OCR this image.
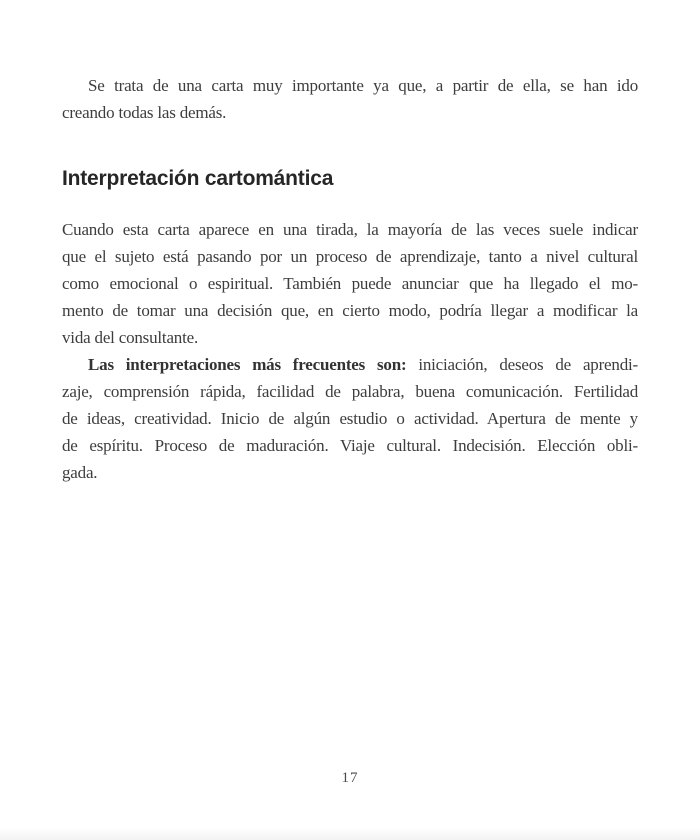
Se trata de una carta muy importante ya que, a partir de ella, se han ido
creando todas las demás.
Interpretación cartomántica
Cuando esta carta aparece en una tirada, la mayoría de las veces suele indicar
que el sujeto está pasando por un proceso de aprendizaje, tanto a nivel cultural
como emocional o espiritual. También puede anunciar que ha llegado el mo-
mento de tomar una decisión que, en cierto modo, podría llegar a modificar la
vida del consultante.
Las interpretaciones más frecuentes son: iniciación, deseos de aprendi-
zaje, comprensión rápida, facilidad de palabra, buena comunicación. Fertilidad
de ideas, creatividad. Inicio de algún estudio o actividad. Apertura de mente y
de espíritu. Proceso de maduración. Viaje cultural. Indecisión. Elección obli-
gada.
17
